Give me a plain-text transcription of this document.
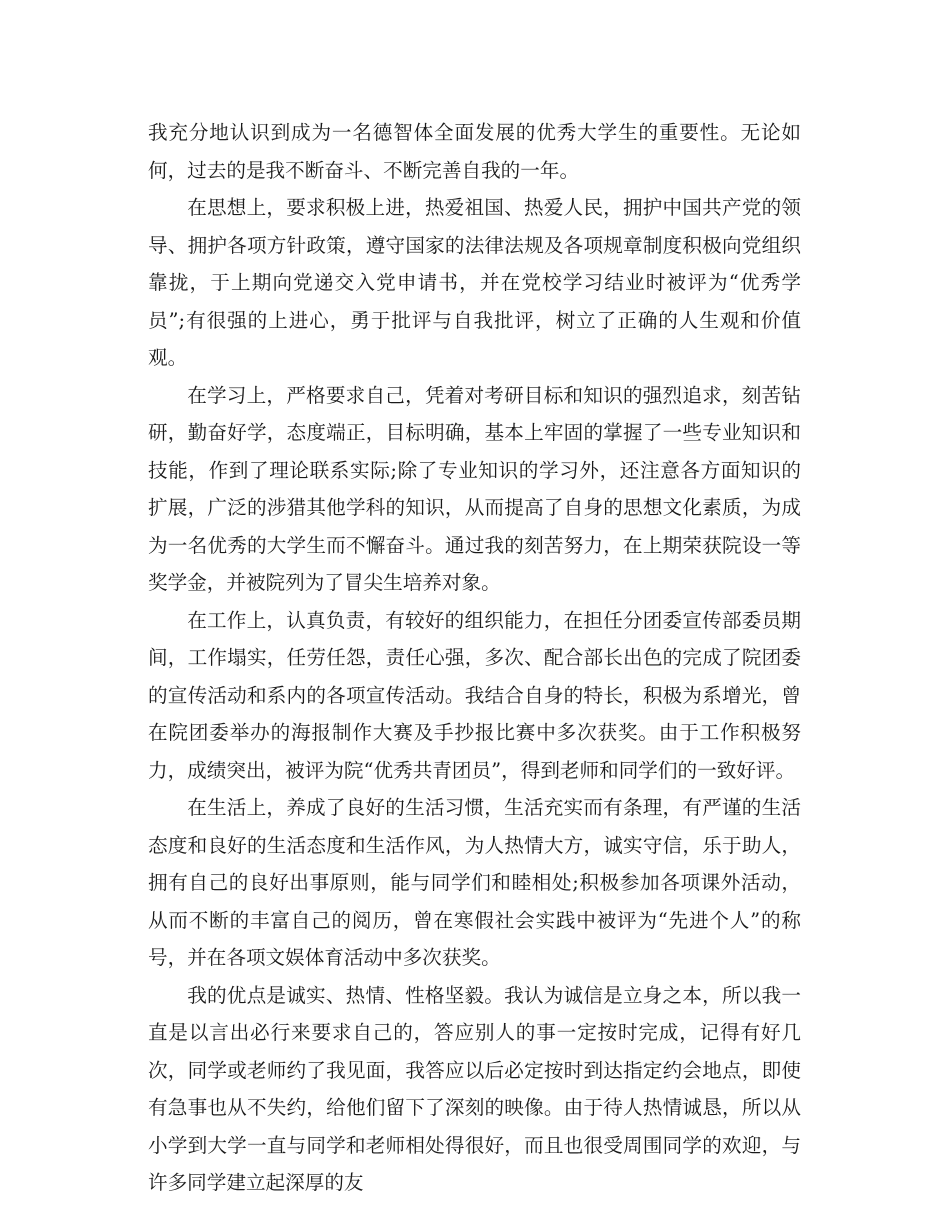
我充分地认识到成为一名德智体全面发展的优秀大学生的重要性。无论如何，过去的是我不断奋斗、不断完善自我的一年。

在思想上，要求积极上进，热爱祖国、热爱人民，拥护中国共产党的领导、拥护各项方针政策，遵守国家的法律法规及各项规章制度积极向党组织靠拢，于上期向党递交入党申请书，并在党校学习结业时被评为“优秀学员”;有很强的上进心，勇于批评与自我批评，树立了正确的人生观和价值观。

在学习上，严格要求自己，凭着对考研目标和知识的强烈追求，刻苦钻研，勤奋好学，态度端正，目标明确，基本上牢固的掌握了一些专业知识和技能，作到了理论联系实际;除了专业知识的学习外，还注意各方面知识的扩展，广泛的涉猎其他学科的知识，从而提高了自身的思想文化素质，为成为一名优秀的大学生而不懈奋斗。通过我的刻苦努力，在上期荣获院设一等奖学金，并被院列为了冒尖生培养对象。

在工作上，认真负责，有较好的组织能力，在担任分团委宣传部委员期间，工作塌实，任劳任怨，责任心强，多次、配合部长出色的完成了院团委的宣传活动和系内的各项宣传活动。我结合自身的特长，积极为系增光，曾在院团委举办的海报制作大赛及手抄报比赛中多次获奖。由于工作积极努力，成绩突出，被评为院“优秀共青团员”，得到老师和同学们的一致好评。

在生活上，养成了良好的生活习惯，生活充实而有条理，有严谨的生活态度和良好的生活态度和生活作风，为人热情大方，诚实守信，乐于助人，拥有自己的良好出事原则，能与同学们和睦相处;积极参加各项课外活动，从而不断的丰富自己的阅历，曾在寒假社会实践中被评为“先进个人”的称号，并在各项文娱体育活动中多次获奖。

我的优点是诚实、热情、性格坚毅。我认为诚信是立身之本，所以我一直是以言出必行来要求自己的，答应别人的事一定按时完成，记得有好几次，同学或老师约了我见面，我答应以后必定按时到达指定约会地点，即使有急事也从不失约，给他们留下了深刻的映像。由于待人热情诚恳，所以从小学到大学一直与同学和老师相处得很好，而且也很受周围同学的欢迎，与许多同学建立起深厚的友
